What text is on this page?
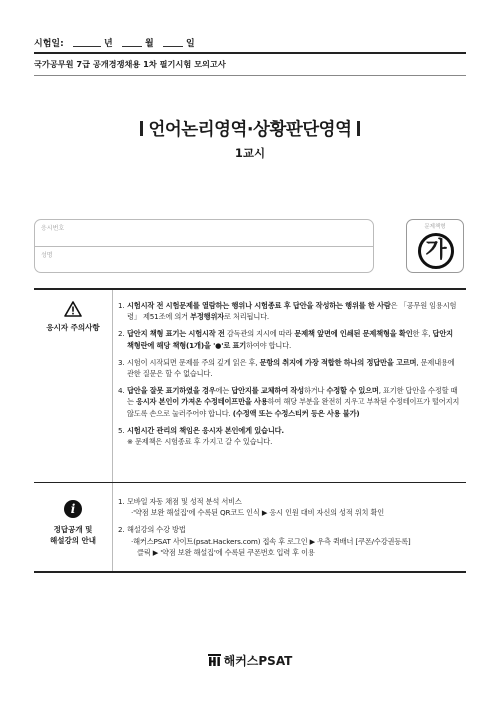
시험일:	년	월	일
국가공무원 7급 공개경쟁채용 1차 필기시험 모의고사
언어논리영역·상황판단영역
1교시
응시번호
성명
문제책형
가
응시자 주의사항
1. 시험시작 전 시험문제를 열람하는 행위나 시험종료 후 답안을 작성하는 행위를 한 사람은 「공무원 임용시험령」 제51조에 의거 부정행위자로 처리됩니다.
2. 답안지 책형 표기는 시험시작 전 감독관의 지시에 따라 문제책 앞면에 인쇄된 문제책형을 확인한 후, 답안지 책형란에 해당 책형(1개)을 '●'로 표기하여야 합니다.
3. 시험이 시작되면 문제를 주의 깊게 읽은 후, 문항의 취지에 가장 적합한 하나의 정답만을 고르며, 문제내용에 관한 질문은 할 수 없습니다.
4. 답안을 잘못 표기하였을 경우에는 답안지를 교체하여 작성하거나 수정할 수 있으며, 표기한 답안을 수정할 때는 응시자 본인이 가져온 수정테이프만을 사용하여 해당 부분을 완전히 지우고 부착된 수정테이프가 떨어지지 않도록 손으로 눌러주어야 합니다. (수정액 또는 수정스티커 등은 사용 불가)
5. 시험시간 관리의 책임은 응시자 본인에게 있습니다.
※ 문제책은 시험종료 후 가지고 갈 수 있습니다.
i
정답공개 및
해설강의 안내
1. 모바일 자동 채점 및 성적 분석 서비스
·'약점 보완 해설집'에 수록된 QR코드 인식 ▶ 응시 인원 대비 자신의 성적 위치 확인
2. 해설강의 수강 방법
·해커스PSAT 사이트(psat.Hackers.com) 접속 후 로그인 ▶ 우측 퀵배너 [쿠폰/수강권등록]
클릭 ▶ '약점 보완 해설집'에 수록된 쿠폰번호 입력 후 이용
해커스PSAT
